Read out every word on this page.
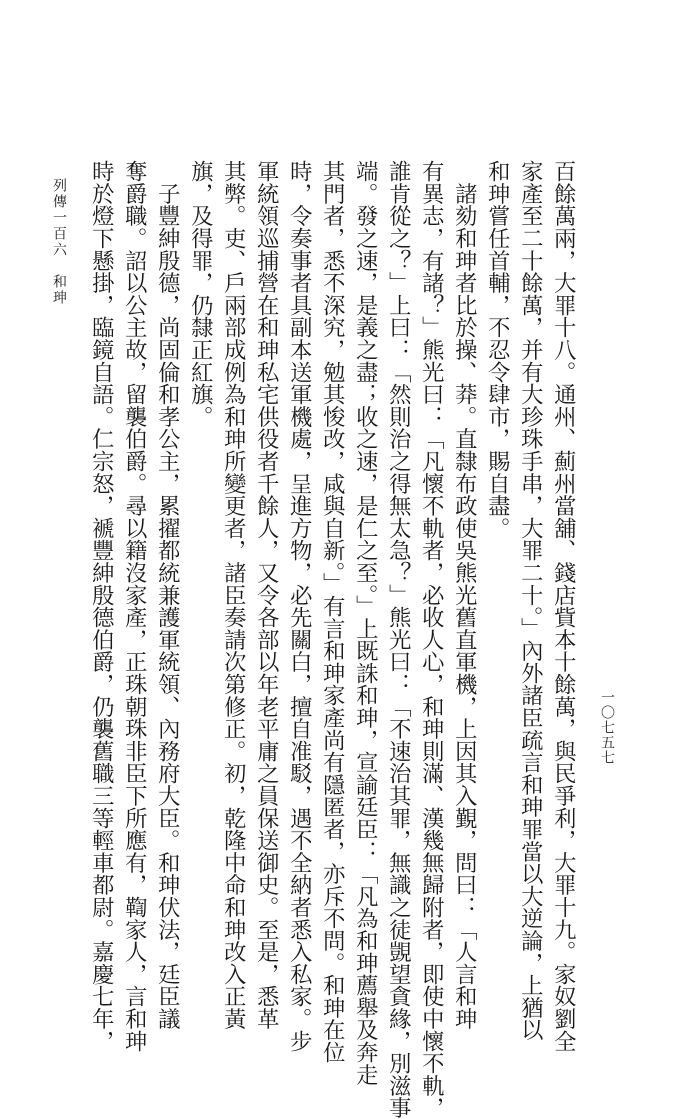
百餘萬兩，大罪十八。通州、薊州當舖、錢店貲本十餘萬，與民爭利，大罪十九。家奴劉全
家產至二十餘萬，并有大珍珠手串，大罪二十。」內外諸臣疏言和珅罪當以大逆論，上猶以
和珅嘗任首輔，不忍令肆市，賜自盡。
　諸劾和珅者比於操、莽。直隸布政使吳熊光舊直軍機，上因其入覲，問曰：「人言和珅
有異志，有諸？」熊光曰：「凡懷不軌者，必收人心，和珅則滿、漢幾無歸附者，即使中懷不軌，
誰肯從之？」上曰：「然則治之得無太急？」熊光曰：「不速治其罪，無識之徒覬望貪緣，別滋事
端。發之速，是義之盡；收之速，是仁之至。」上既誅和珅，宣諭廷臣：「凡為和珅薦舉及奔走
其門者，悉不深究，勉其悛改，咸與自新。」有言和珅家產尚有隱匿者，亦斥不問。和珅在位
時，令奏事者具副本送軍機處，呈進方物，必先關白，擅自准駁，遇不全納者悉入私家。步
軍統領巡捕營在和珅私宅供役者千餘人，又令各部以年老平庸之員保送御史。至是，悉革
其弊。吏、戶兩部成例為和珅所變更者，諸臣奏請次第修正。初，乾隆中命和珅改入正黃
旗，及得罪，仍隸正紅旗。
　子豐紳殷德，尚固倫和孝公主，累擢都統兼護軍統領、內務府大臣。和珅伏法，廷臣議
奪爵職。詔以公主故，留襲伯爵。尋以籍沒家產，正珠朝珠非臣下所應有，鞫家人，言和珅
時於燈下懸掛，臨鏡自語。仁宗怒，褫豐紳殷德伯爵，仍襲舊職三等輕車都尉。嘉慶七年，
列傳一百六　和珅
一〇七五七
